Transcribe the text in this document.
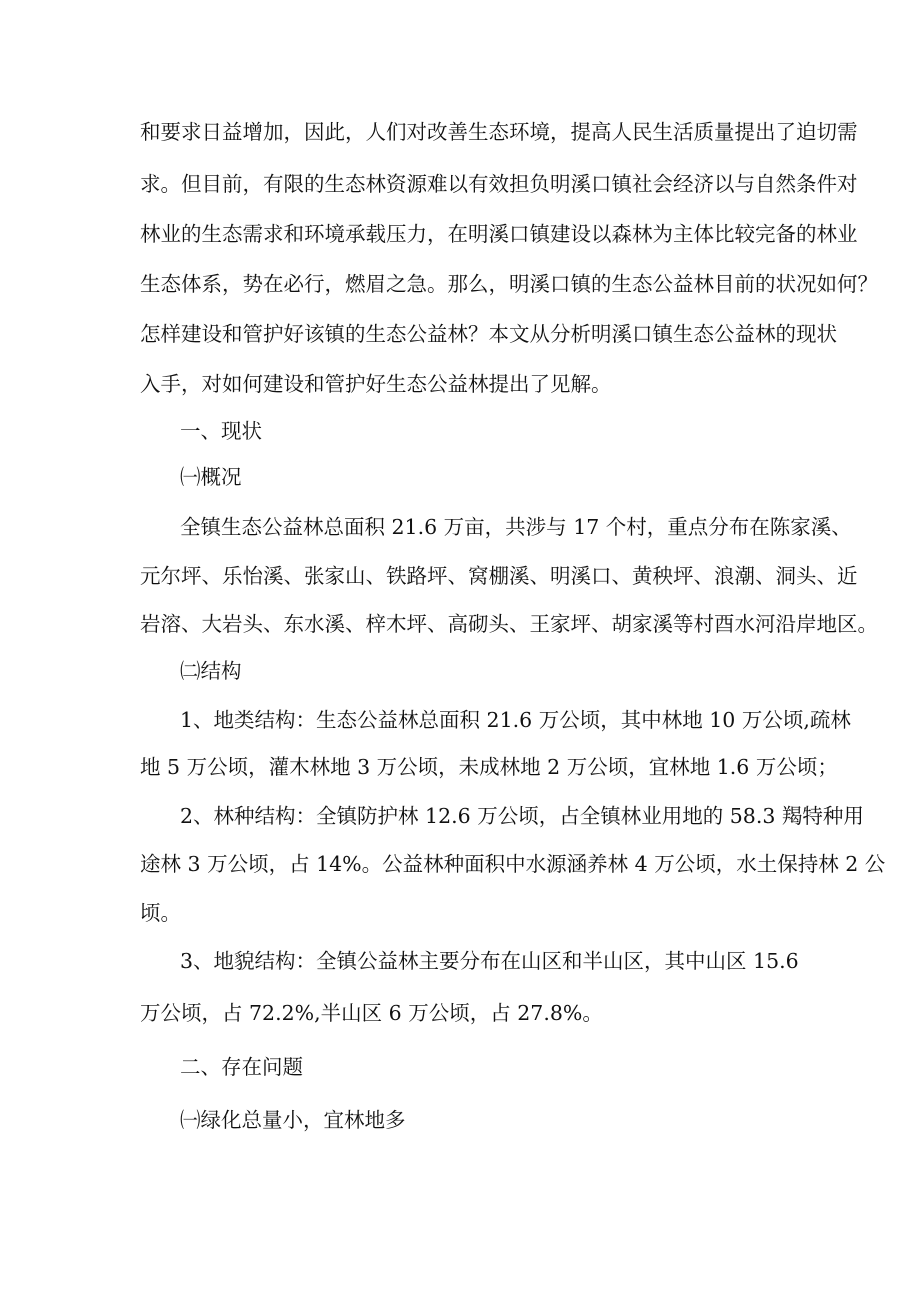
和要求日益增加，因此，人们对改善生态环境，提高人民生活质量提出了迫切需
求。但目前，有限的生态林资源难以有效担负明溪口镇社会经济以与自然条件对
林业的生态需求和环境承载压力，在明溪口镇建设以森林为主体比较完备的林业
生态体系，势在必行，燃眉之急。那么，明溪口镇的生态公益林目前的状况如何？
怎样建设和管护好该镇的生态公益林？本文从分析明溪口镇生态公益林的现状
入手，对如何建设和管护好生态公益林提出了见解。
一、现状
㈠概况
全镇生态公益林总面积 21.6 万亩，共涉与 17 个村，重点分布在陈家溪、
元尔坪、乐怡溪、张家山、铁路坪、窝棚溪、明溪口、黄秧坪、浪潮、洞头、近
岩溶、大岩头、东水溪、梓木坪、高砌头、王家坪、胡家溪等村酉水河沿岸地区。
㈡结构
1、地类结构：生态公益林总面积 21.6 万公顷，其中林地 10 万公顷,疏林
地 5 万公顷，灌木林地 3 万公顷，未成林地 2 万公顷，宜林地 1.6 万公顷；
2、林种结构：全镇防护林 12.6 万公顷，占全镇林业用地的 58.3 羯特种用
途林 3 万公顷，占 14%。公益林种面积中水源涵养林 4 万公顷，水土保持林 2 公
顷。
3、地貌结构：全镇公益林主要分布在山区和半山区，其中山区 15.6
万公顷，占 72.2%,半山区 6 万公顷，占 27.8%。
二、存在问题
㈠绿化总量小，宜林地多
